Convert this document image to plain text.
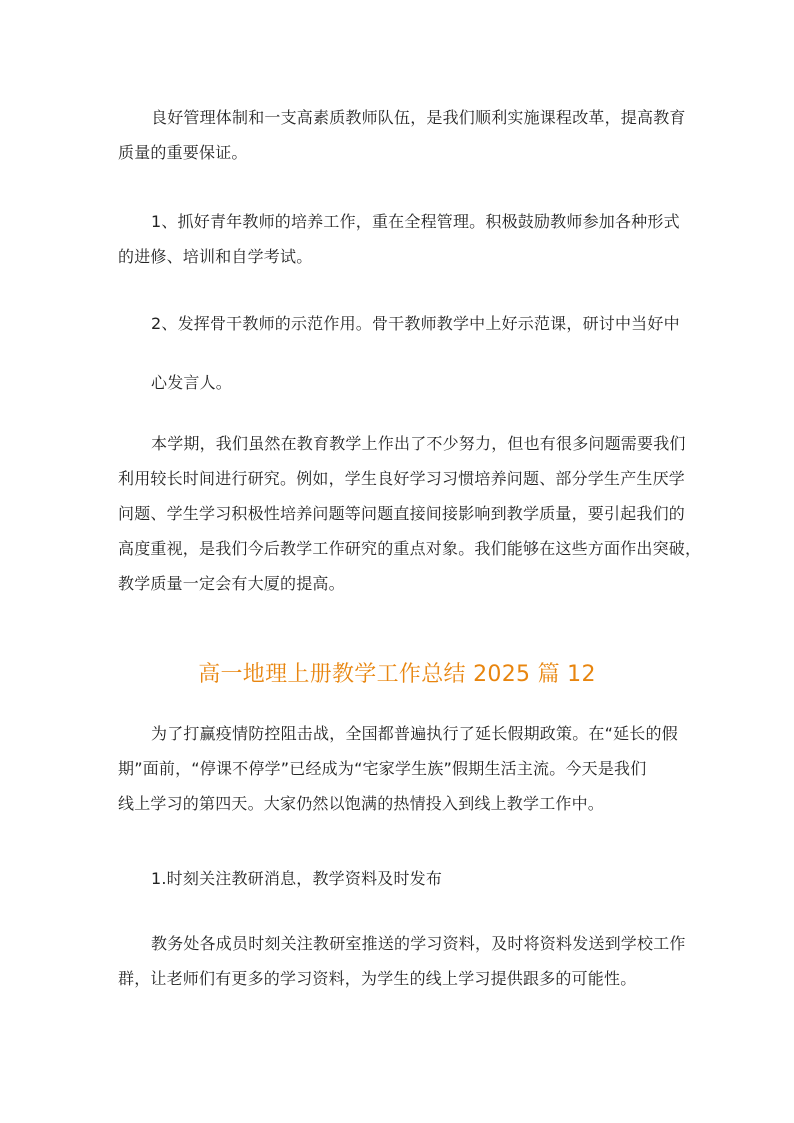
良好管理体制和一支高素质教师队伍，是我们顺利实施课程改革，提高教育
质量的重要保证。
1、抓好青年教师的培养工作，重在全程管理。积极鼓励教师参加各种形式
的进修、培训和自学考试。
2、发挥骨干教师的示范作用。骨干教师教学中上好示范课，研讨中当好中
心发言人。
本学期，我们虽然在教育教学上作出了不少努力，但也有很多问题需要我们
利用较长时间进行研究。例如，学生良好学习习惯培养问题、部分学生产生厌学
问题、学生学习积极性培养问题等问题直接间接影响到教学质量，要引起我们的
高度重视，是我们今后教学工作研究的重点对象。我们能够在这些方面作出突破，
教学质量一定会有大厦的提高。
高一地理上册教学工作总结 2025 篇 12
为了打赢疫情防控阻击战，全国都普遍执行了延长假期政策。在“延长的假
期”面前，“停课不停学”已经成为“宅家学生族”假期生活主流。今天是我们
线上学习的第四天。大家仍然以饱满的热情投入到线上教学工作中。
1.时刻关注教研消息，教学资料及时发布
教务处各成员时刻关注教研室推送的学习资料，及时将资料发送到学校工作
群，让老师们有更多的学习资料，为学生的线上学习提供跟多的可能性。
